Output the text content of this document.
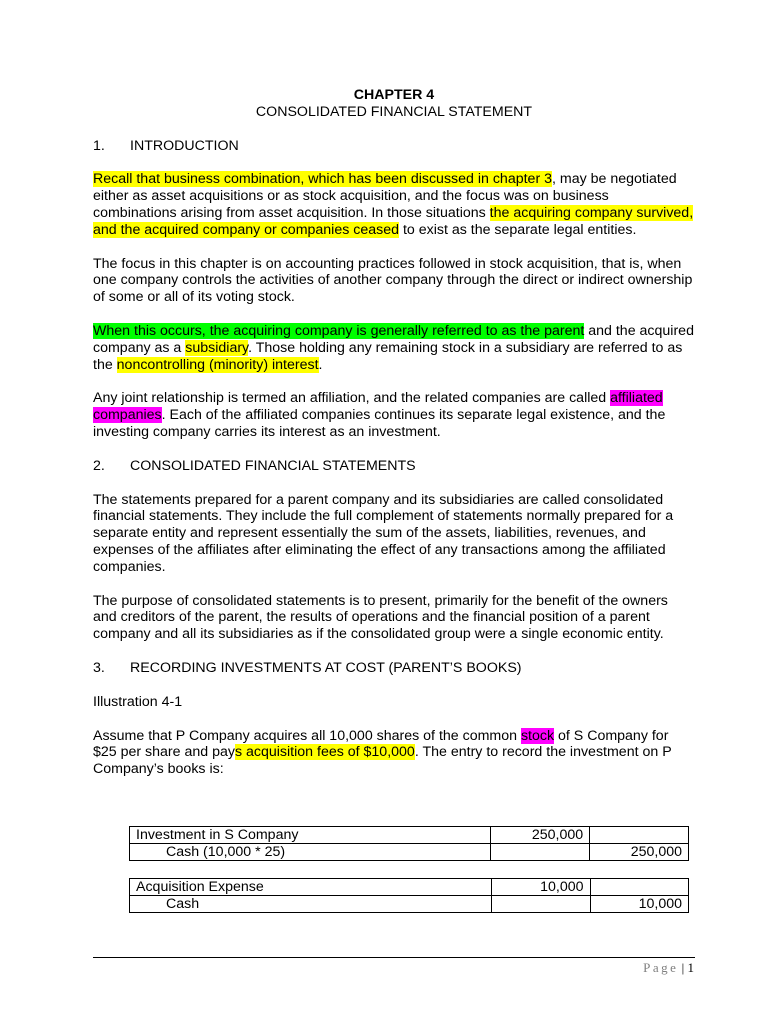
CHAPTER 4
CONSOLIDATED FINANCIAL STATEMENT
1. INTRODUCTION

Recall that business combination, which has been discussed in chapter 3, may be negotiated either as asset acquisitions or as stock acquisition, and the focus was on business combinations arising from asset acquisition. In those situations the acquiring company survived, and the acquired company or companies ceased to exist as the separate legal entities.

The focus in this chapter is on accounting practices followed in stock acquisition, that is, when one company controls the activities of another company through the direct or indirect ownership of some or all of its voting stock.

When this occurs, the acquiring company is generally referred to as the parent and the acquired company as a subsidiary. Those holding any remaining stock in a subsidiary are referred to as the noncontrolling (minority) interest.

Any joint relationship is termed an affiliation, and the related companies are called affiliated companies. Each of the affiliated companies continues its separate legal existence, and the investing company carries its interest as an investment.

2. CONSOLIDATED FINANCIAL STATEMENTS

The statements prepared for a parent company and its subsidiaries are called consolidated financial statements. They include the full complement of statements normally prepared for a separate entity and represent essentially the sum of the assets, liabilities, revenues, and expenses of the affiliates after eliminating the effect of any transactions among the affiliated companies.

The purpose of consolidated statements is to present, primarily for the benefit of the owners and creditors of the parent, the results of operations and the financial position of a parent company and all its subsidiaries as if the consolidated group were a single economic entity.

3. RECORDING INVESTMENTS AT COST (PARENT’S BOOKS)

Illustration 4-1

Assume that P Company acquires all 10,000 shares of the common stock of S Company for $25 per share and pays acquisition fees of $10,000. The entry to record the investment on P Company’s books is:

Investment in S Company	250,000	
Cash (10,000 * 25)		250,000
Acquisition Expense	10,000	
Cash		10,000
Page | 1
